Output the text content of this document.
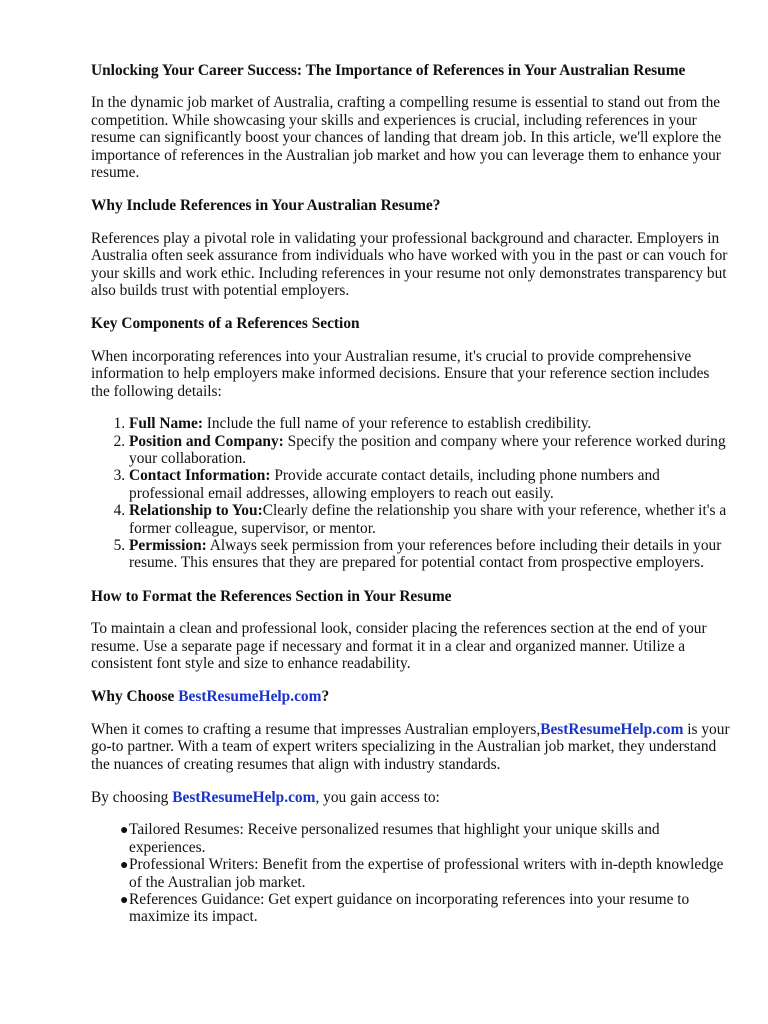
Unlocking Your Career Success: The Importance of References in Your Australian Resume

In the dynamic job market of Australia, crafting a compelling resume is essential to stand out from the competition. While showcasing your skills and experiences is crucial, including references in your resume can significantly boost your chances of landing that dream job. In this article, we'll explore the importance of references in the Australian job market and how you can leverage them to enhance your resume.

Why Include References in Your Australian Resume?

References play a pivotal role in validating your professional background and character. Employers in Australia often seek assurance from individuals who have worked with you in the past or can vouch for your skills and work ethic. Including references in your resume not only demonstrates transparency but also builds trust with potential employers.

Key Components of a References Section

When incorporating references into your Australian resume, it's crucial to provide comprehensive information to help employers make informed decisions. Ensure that your reference section includes the following details:

1. Full Name: Include the full name of your reference to establish credibility.
2. Position and Company: Specify the position and company where your reference worked during your collaboration.
3. Contact Information: Provide accurate contact details, including phone numbers and professional email addresses, allowing employers to reach out easily.
4. Relationship to You:Clearly define the relationship you share with your reference, whether it's a former colleague, supervisor, or mentor.
5. Permission: Always seek permission from your references before including their details in your resume. This ensures that they are prepared for potential contact from prospective employers.
How to Format the References Section in Your Resume

To maintain a clean and professional look, consider placing the references section at the end of your resume. Use a separate page if necessary and format it in a clear and organized manner. Utilize a consistent font style and size to enhance readability.

Why Choose BestResumeHelp.com?

When it comes to crafting a resume that impresses Australian employers,BestResumeHelp.com is your go-to partner. With a team of expert writers specializing in the Australian job market, they understand the nuances of creating resumes that align with industry standards.

By choosing BestResumeHelp.com, you gain access to:

● Tailored Resumes: Receive personalized resumes that highlight your unique skills and experiences.
● Professional Writers: Benefit from the expertise of professional writers with in-depth knowledge of the Australian job market.
● References Guidance: Get expert guidance on incorporating references into your resume to maximize its impact.
